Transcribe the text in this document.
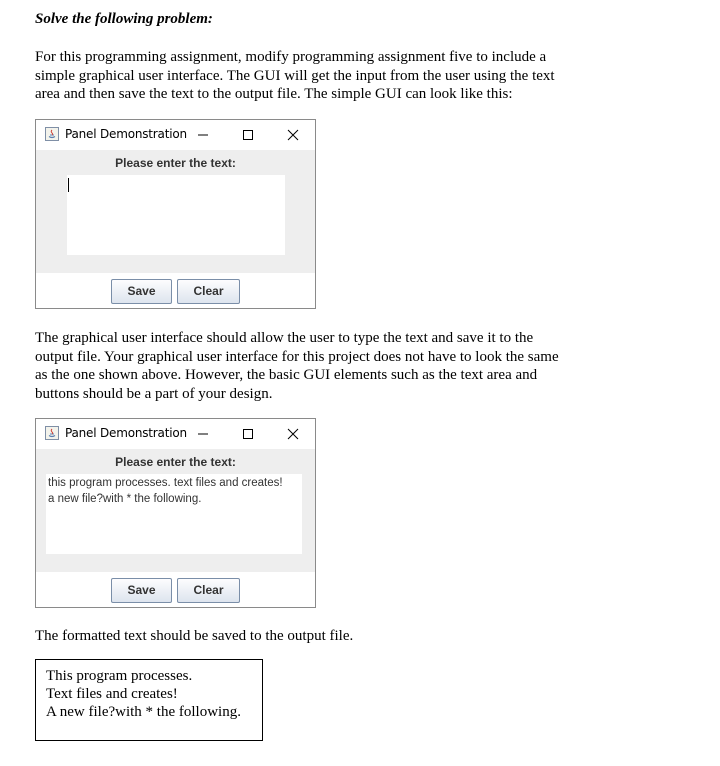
Solve the following problem:
For this programming assignment, modify programming assignment five to include a
simple graphical user interface. The GUI will get the input from the user using the text
area and then save the text to the output file. The simple GUI can look like this:
Panel Demonstration
Please enter the text:
Save	Clear
The graphical user interface should allow the user to type the text and save it to the
output file. Your graphical user interface for this project does not have to look the same
as the one shown above. However, the basic GUI elements such as the text area and
buttons should be a part of your design.
Panel Demonstration
Please enter the text:
this program processes. text files and creates!
a new file?with * the following.
Save	Clear
The formatted text should be saved to the output file.
This program processes.
Text files and creates!
A new file?with * the following.
